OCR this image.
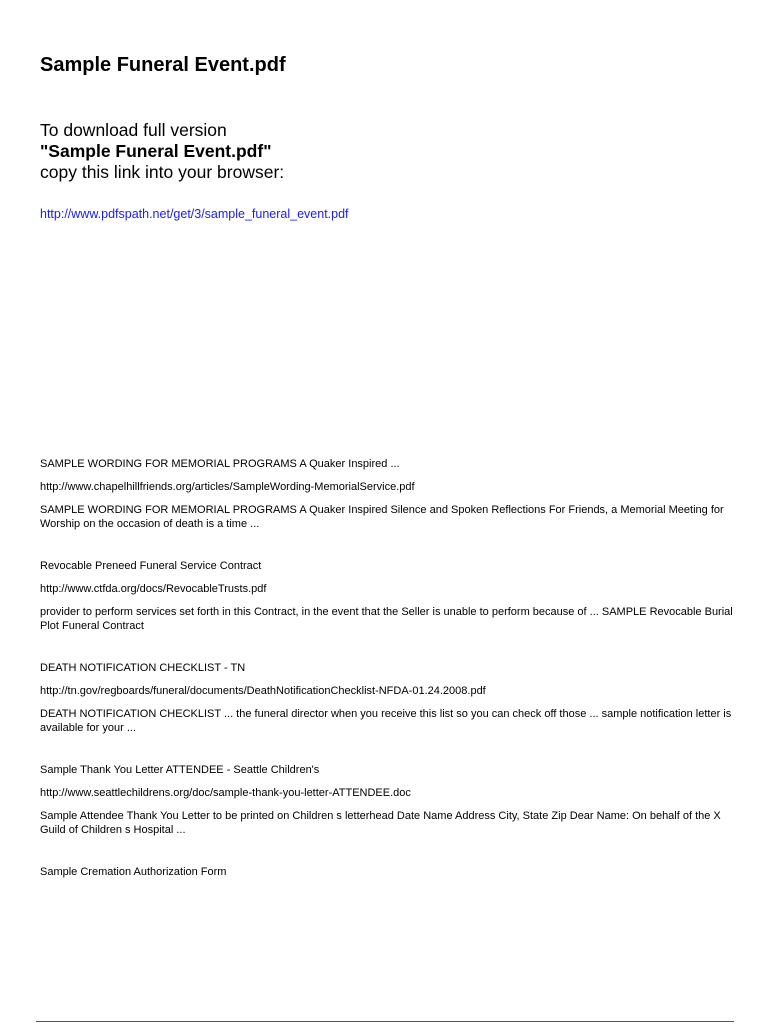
Sample Funeral Event.pdf
To download full version
"Sample Funeral Event.pdf"
copy this link into your browser:
http://www.pdfspath.net/get/3/sample_funeral_event.pdf

SAMPLE WORDING FOR MEMORIAL PROGRAMS A Quaker Inspired ...

http://www.chapelhillfriends.org/articles/SampleWording-MemorialService.pdf

SAMPLE WORDING FOR MEMORIAL PROGRAMS A Quaker Inspired Silence and Spoken Reflections For Friends, a Memorial Meeting for Worship on the occasion of death is a time ...

Revocable Preneed Funeral Service Contract

http://www.ctfda.org/docs/RevocableTrusts.pdf

provider to perform services set forth in this Contract, in the event that the Seller is unable to perform because of ... SAMPLE Revocable Burial Plot Funeral Contract

DEATH NOTIFICATION CHECKLIST - TN

http://tn.gov/regboards/funeral/documents/DeathNotificationChecklist-NFDA-01.24.2008.pdf

DEATH NOTIFICATION CHECKLIST ... the funeral director when you receive this list so you can check off those ... sample notification letter is available for your ...

Sample Thank You Letter ATTENDEE - Seattle Children's

http://www.seattlechildrens.org/doc/sample-thank-you-letter-ATTENDEE.doc

Sample Attendee Thank You Letter to be printed on Children s letterhead Date Name Address City, State Zip Dear Name: On behalf of the X Guild of Children s Hospital ...

Sample Cremation Authorization Form
